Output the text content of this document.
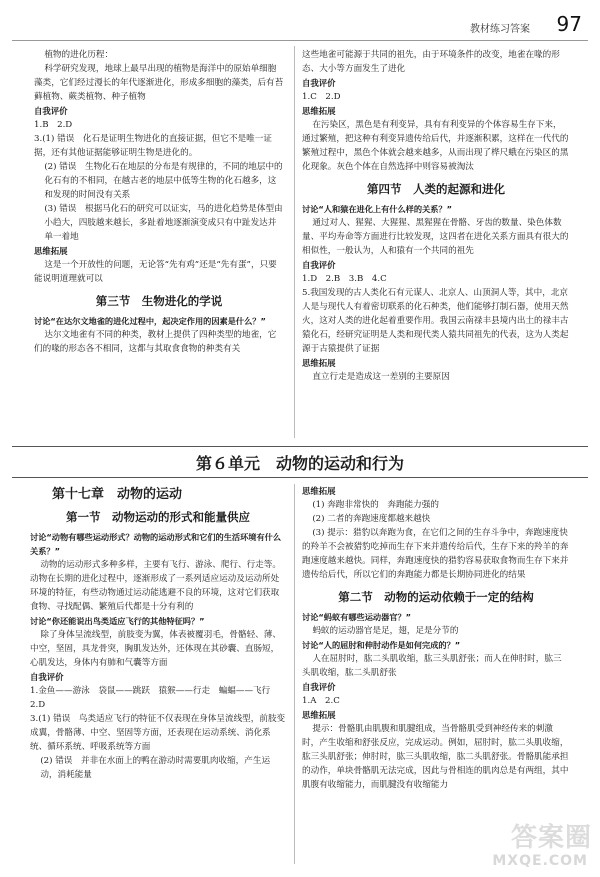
教材练习答案 97

植物的进化历程：

科学研究发现，地球上最早出现的植物是海洋中的原始单细胞藻类，它们经过漫长的年代逐渐进化，形成多细胞的藻类，后有苔藓植物、蕨类植物、种子植物

自我评价

1.B　2.D

3.(1) 错误　化石是证明生物进化的直接证据，但它不是唯一证据，还有其他证据能够证明生物是进化的。

(2) 错误　生物化石在地层的分布是有规律的，不同的地层中的化石有的不相同，在越古老的地层中低等生物的化石越多，这和发现的时间没有关系

(3) 错误　根据马化石的研究可以证实，马的进化趋势是体型由小趋大，四肢越来越长，多趾着地逐渐演变成只有中趾发达并单一着地

思维拓展

这是一个开放性的问题，无论答“先有鸡”还是“先有蛋”，只要能说明道理就可以

第三节　生物进化的学说

讨论“在达尔文地雀的进化过程中，起决定作用的因素是什么？”

达尔文地雀有不同的种类，教材上提供了四种类型的地雀，它们的喙的形态各不相同，这都与其取食食物的种类有关

这些地雀可能源于共同的祖先，由于环境条件的改变，地雀在喙的形态、大小等方面发生了进化

自我评价

1.C　2.D

思维拓展

在污染区，黑色是有利变异，具有有利变异的个体容易生存下来，通过繁殖，把这种有利变异遗传给后代，并逐渐积累，这样在一代代的繁殖过程中，黑色个体就会越来越多，从而出现了桦尺蛾在污染区的黑化现象。灰色个体在自然选择中则容易被淘汰

第四节　人类的起源和进化

讨论“人和猿在进化上有什么样的关系？”

通过对人、猩猩、大猩猩、黑猩猩在骨骼、牙齿的数量、染色体数量、平均寿命等方面进行比较发现，这四者在进化关系方面具有很大的相似性，一般认为，人和猿有一个共同的祖先

自我评价

1.D　2.B　3.B　4.C

5.我国发现的古人类化石有元谋人、北京人、山顶洞人等，其中，北京人是与现代人有着密切联系的化石种类，他们能够打制石器，使用天然火，这对人类的进化起着重要作用。我国云南禄丰县境内出土的禄丰古猿化石，经研究证明是人类和现代类人猿共同祖先的代表，这为人类起源于古猿提供了证据

思维拓展

直立行走是造成这一差别的主要原因

第６单元　动物的运动和行为

第十七章　动物的运动

第一节　动物运动的形式和能量供应

讨论“动物有哪些运动形式？动物的运动形式和它们的生活环境有什么关系？”

动物的运动形式多种多样，主要有飞行、游泳、爬行、行走等。动物在长期的进化过程中，逐渐形成了一系列适应运动及运动所处环境的特征，有些动物通过运动能逃避不良的环境，这对它们获取食物、寻找配偶、繁殖后代都是十分有利的

讨论“你还能说出鸟类适应飞行的其他特征吗？”

除了身体呈流线型，前肢变为翼，体表被覆羽毛，骨骼轻、薄、中空，坚固，具龙骨突，胸肌发达外，还体现在其砂囊、直肠短，心肌发达，身体内有肺和气囊等方面

自我评价

1.金鱼——游泳　袋鼠——跳跃　猿猴——行走　蝙蝠——飞行

2.D

3.(1) 错误　鸟类适应飞行的特征不仅表现在身体呈流线型，前肢变成翼，骨骼薄、中空、坚固等方面，还表现在运动系统、消化系统、循环系统、呼吸系统等方面

(2) 错误　并非在水面上的鸭在游动时需要肌肉收缩，产生运动，消耗能量

思维拓展

(1) 奔跑非常快的　奔跑能力强的

(2) 二者的奔跑速度都越来越快

(3) 提示：猎豹以奔跑为食，在它们之间的生存斗争中，奔跑速度快的羚羊不会被猎豹吃掉而生存下来并遗传给后代，生存下来的羚羊的奔跑速度越来越快。同样，奔跑速度快的猎豹容易获取食物而生存下来并遗传给后代，所以它们的奔跑能力都是长期协同进化的结果

第二节　动物的运动依赖于一定的结构

讨论“蚂蚁有哪些运动器官？”

蚂蚁的运动器官是足，翅，足是分节的

讨论“人的屈肘和伸肘动作是如何完成的？”

人在屈肘时，肱二头肌收缩，肱三头肌舒张；而人在伸肘时，肱三头肌收缩，肱二头肌舒张

自我评价

1.A　2.C

思维拓展

提示：骨骼肌由肌腹和肌腱组成，当骨骼肌受到神经传来的刺激时，产生收缩和舒张反应，完成运动。例如，屈肘时，肱二头肌收缩，肱三头肌舒张；伸肘时，肱三头肌收缩，肱二头肌舒张。骨骼肌能承担的动作，单块骨骼肌无法完成，因此与骨相连的肌肉总是有两组，其中肌腹有收缩能力，而肌腱没有收缩能力

答案圈
MXQE.COM
